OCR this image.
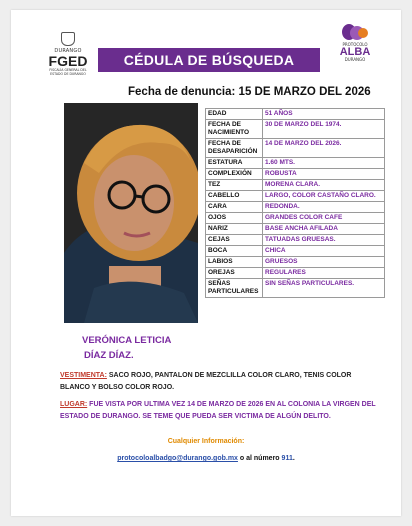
DURANGO
FGED
FISCALÍA GENERAL DEL ESTADO DE DURANGO
CÉDULA DE BÚSQUEDA
PROTOCOLO
ALBA
DURANGO
Fecha de denuncia: 15 DE MARZO DEL 2026
EDAD	51 AÑOS
FECHA DE NACIMIENTO	30 DE MARZO DEL 1974.
FECHA DE DESAPARICIÓN	14 DE MARZO DEL 2026.
ESTATURA	1.60 MTS.
COMPLEXIÓN	ROBUSTA
TEZ	MORENA CLARA.
CABELLO	LARGO, COLOR CASTAÑO CLARO.
CARA	REDONDA.
OJOS	GRANDES COLOR CAFE
NARIZ	BASE ANCHA AFILADA
CEJAS	TATUADAS GRUESAS.
BOCA	CHICA
LABIOS	GRUESOS
OREJAS	REGULARES
SEÑAS PARTICULARES	SIN SEÑAS PARTICULARES.
VERÓNICA LETICIA
DÍAZ DÍAZ.
VESTIMENTA: SACO ROJO, PANTALON DE MEZCLILLA COLOR CLARO, TENIS COLOR BLANCO Y BOLSO COLOR ROJO.
LUGAR: FUE VISTA POR ULTIMA VEZ 14 DE MARZO DE 2026 EN AL COLONIA LA VIRGEN DEL ESTADO DE DURANGO. SE TEME QUE PUEDA SER VICTIMA DE ALGÚN DELITO.
Cualquier Información:
protocoloalbadgo@durango.gob.mx o al número 911.
